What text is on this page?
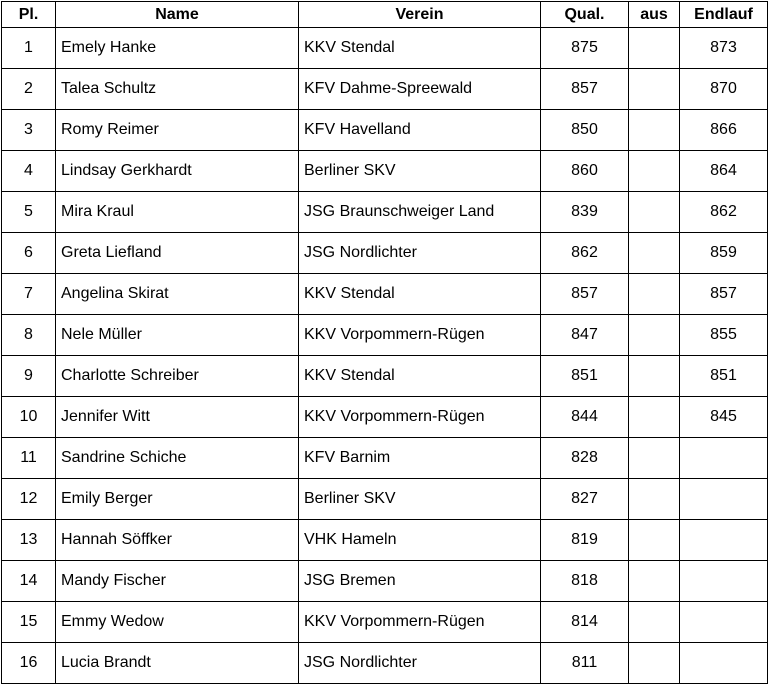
Pl.	Name	Verein	Qual.	aus	Endlauf
1	Emely Hanke	KKV Stendal	875		873
2	Talea Schultz	KFV Dahme-Spreewald	857		870
3	Romy Reimer	KFV Havelland	850		866
4	Lindsay Gerkhardt	Berliner SKV	860		864
5	Mira Kraul	JSG Braunschweiger Land	839		862
6	Greta Liefland	JSG Nordlichter	862		859
7	Angelina Skirat	KKV Stendal	857		857
8	Nele Müller	KKV Vorpommern-Rügen	847		855
9	Charlotte Schreiber	KKV Stendal	851		851
10	Jennifer Witt	KKV Vorpommern-Rügen	844		845
11	Sandrine Schiche	KFV Barnim	828		
12	Emily Berger	Berliner SKV	827		
13	Hannah Söffker	VHK Hameln	819		
14	Mandy Fischer	JSG Bremen	818		
15	Emmy Wedow	KKV Vorpommern-Rügen	814		
16	Lucia Brandt	JSG Nordlichter	811		
